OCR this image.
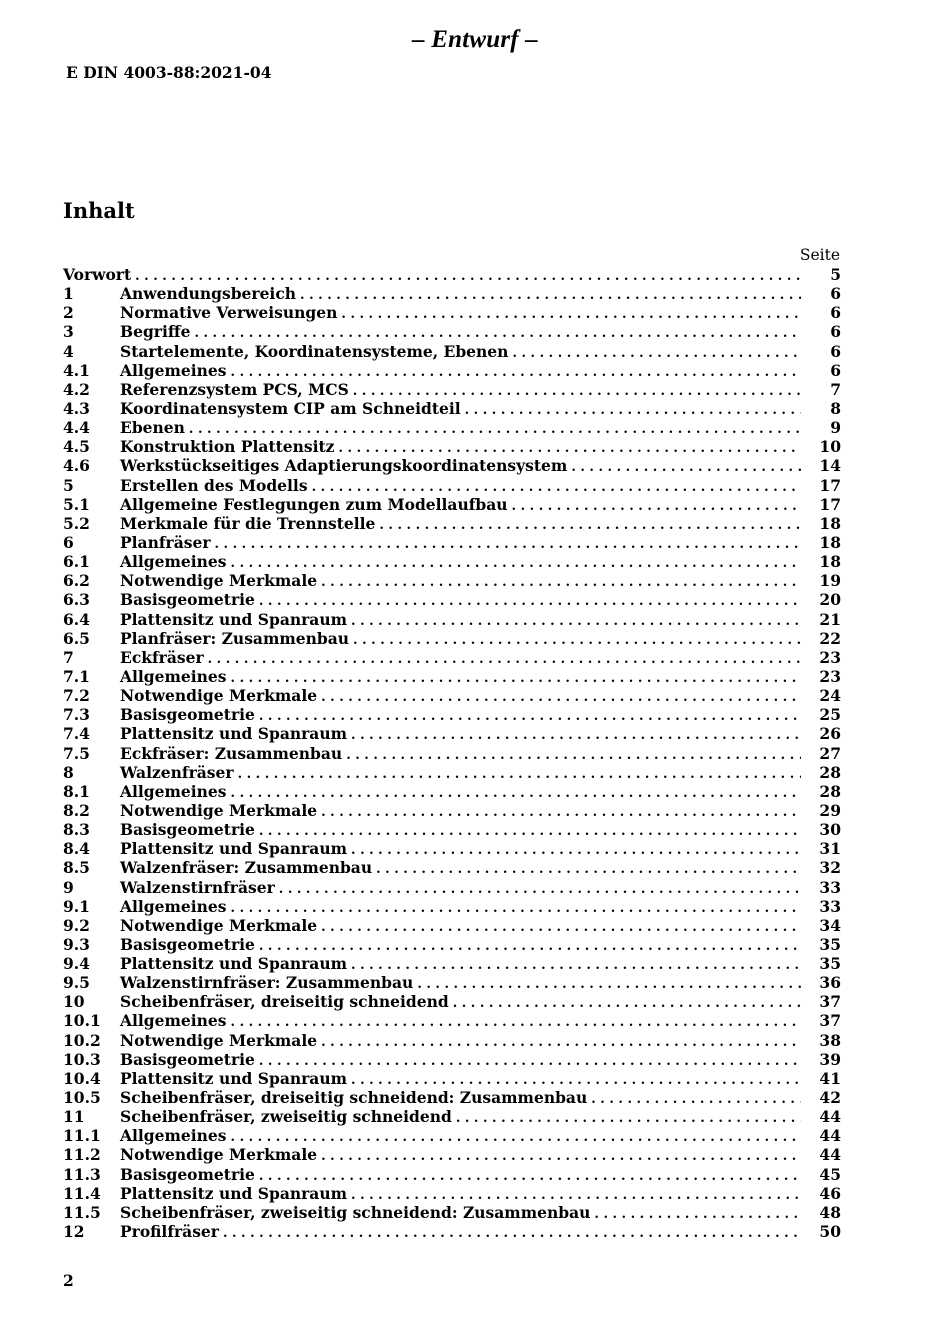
– Entwurf –
E DIN 4003-88:2021-04
Inhalt
Seite
Vorwort . . .	5
1	Anwendungsbereich . . .	6
2	Normative Verweisungen . . .	6
3	Begriffe . . .	6
4	Startelemente, Koordinatensysteme, Ebenen . . .	6
4.1	Allgemeines . . .	6
4.2	Referenzsystem PCS, MCS . . .	7
4.3	Koordinatensystem CIP am Schneidteil . . .	8
4.4	Ebenen . . .	9
4.5	Konstruktion Plattensitz . . .	10
4.6	Werkstückseitiges Adaptierungskoordinatensystem . . .	14
5	Erstellen des Modells . . .	17
5.1	Allgemeine Festlegungen zum Modellaufbau . . .	17
5.2	Merkmale für die Trennstelle . . .	18
6	Planfräser . . .	18
6.1	Allgemeines . . .	18
6.2	Notwendige Merkmale . . .	19
6.3	Basisgeometrie . . .	20
6.4	Plattensitz und Spanraum . . .	21
6.5	Planfräser: Zusammenbau . . .	22
7	Eckfräser . . .	23
7.1	Allgemeines . . .	23
7.2	Notwendige Merkmale . . .	24
7.3	Basisgeometrie . . .	25
7.4	Plattensitz und Spanraum . . .	26
7.5	Eckfräser: Zusammenbau . . .	27
8	Walzenfräser . . .	28
8.1	Allgemeines . . .	28
8.2	Notwendige Merkmale . . .	29
8.3	Basisgeometrie . . .	30
8.4	Plattensitz und Spanraum . . .	31
8.5	Walzenfräser: Zusammenbau . . .	32
9	Walzenstirnfräser . . .	33
9.1	Allgemeines . . .	33
9.2	Notwendige Merkmale . . .	34
9.3	Basisgeometrie . . .	35
9.4	Plattensitz und Spanraum . . .	35
9.5	Walzenstirnfräser: Zusammenbau . . .	36
10	Scheibenfräser, dreiseitig schneidend . . .	37
10.1	Allgemeines . . .	37
10.2	Notwendige Merkmale . . .	38
10.3	Basisgeometrie . . .	39
10.4	Plattensitz und Spanraum . . .	41
10.5	Scheibenfräser, dreiseitig schneidend: Zusammenbau . . .	42
11	Scheibenfräser, zweiseitig schneidend . . .	44
11.1	Allgemeines . . .	44
11.2	Notwendige Merkmale . . .	44
11.3	Basisgeometrie . . .	45
11.4	Plattensitz und Spanraum . . .	46
11.5	Scheibenfräser, zweiseitig schneidend: Zusammenbau . . .	48
12	Profilfräser . . .	50
2
